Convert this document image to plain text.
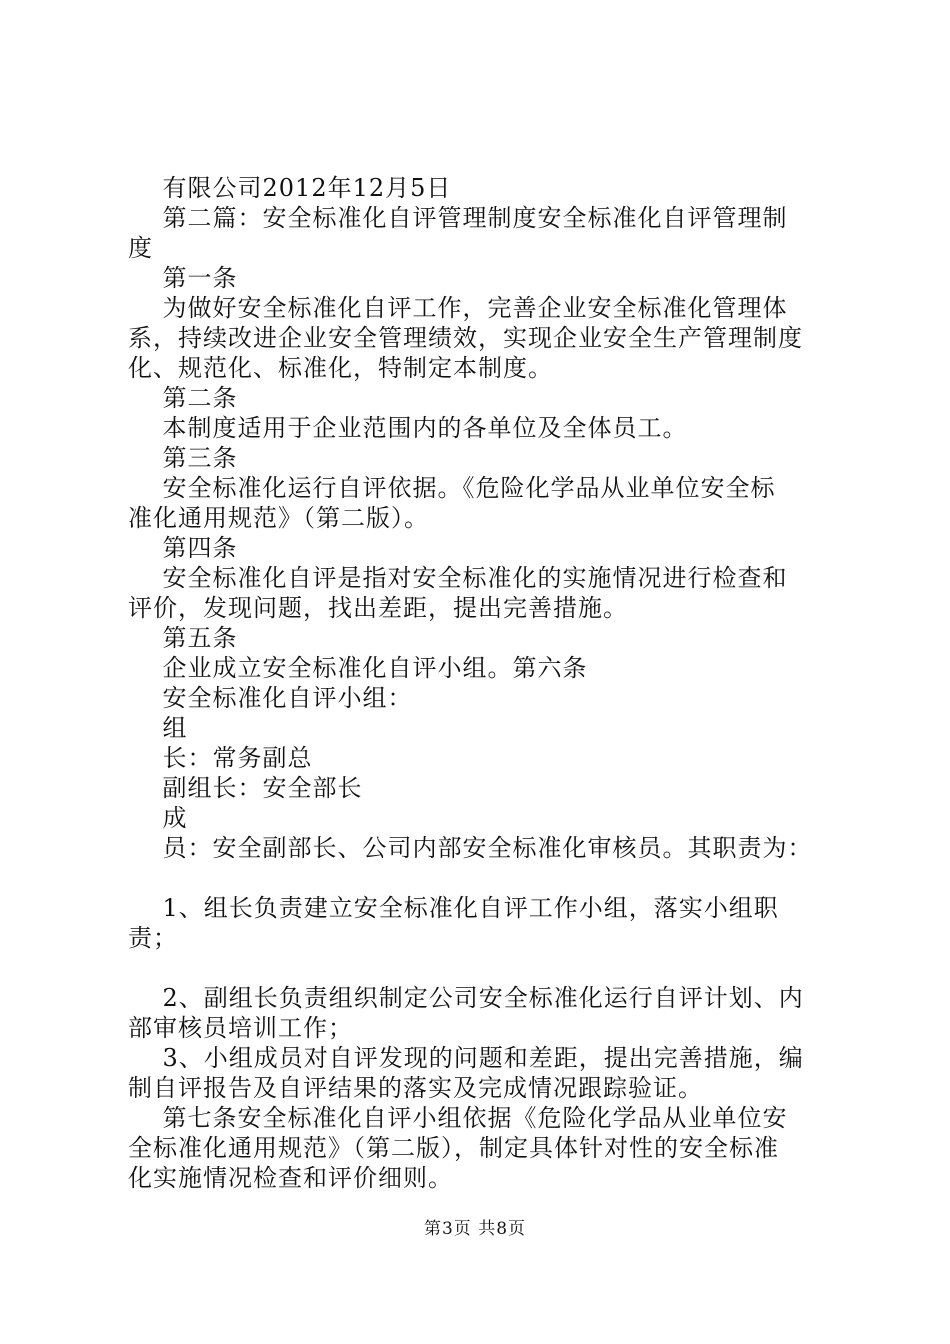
有限公司2012年12月5日

第二篇：安全标准化自评管理制度安全标准化自评管理制

度

第一条

为做好安全标准化自评工作，完善企业安全标准化管理体

系，持续改进企业安全管理绩效，实现企业安全生产管理制度

化、规范化、标准化，特制定本制度。

第二条

本制度适用于企业范围内的各单位及全体员工。

第三条

安全标准化运行自评依据。《危险化学品从业单位安全标

准化通用规范》（第二版）。

第四条

安全标准化自评是指对安全标准化的实施情况进行检查和

评价，发现问题，找出差距，提出完善措施。

第五条

企业成立安全标准化自评小组。第六条

安全标准化自评小组：

组

长：常务副总

副组长：安全部长

成

员：安全副部长、公司内部安全标准化审核员。其职责为：

1、组长负责建立安全标准化自评工作小组，落实小组职责；

2、副组长负责组织制定公司安全标准化运行自评计划、内

部审核员培训工作；

3、小组成员对自评发现的问题和差距，提出完善措施，编

制自评报告及自评结果的落实及完成情况跟踪验证。

第七条安全标准化自评小组依据《危险化学品从业单位安

全标准化通用规范》（第二版），制定具体针对性的安全标准

化实施情况检查和评价细则。

第3页 共8页
